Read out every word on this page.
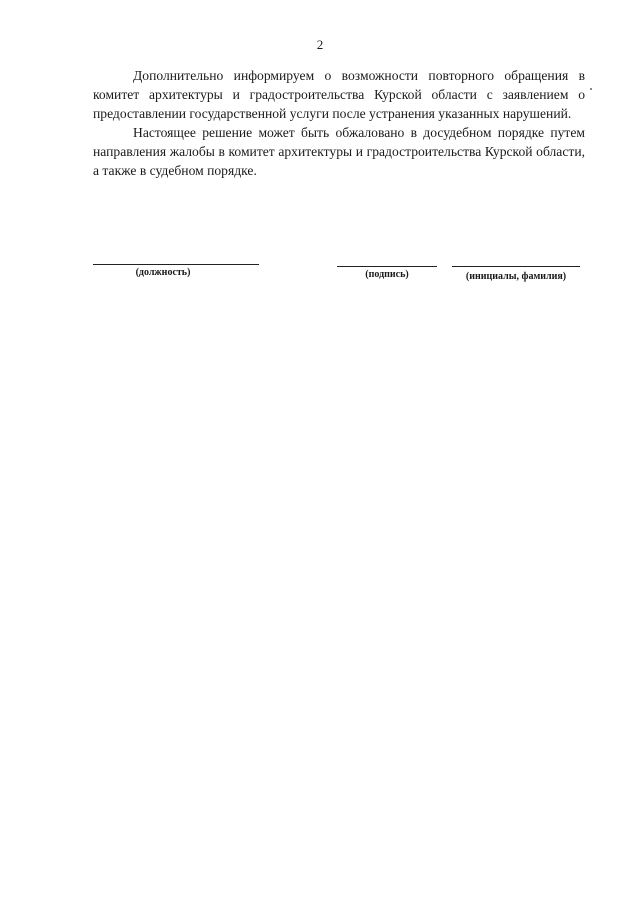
2

Дополнительно информируем о возможности повторного обращения в комитет архитектуры и градостроительства Курской области с заявлением о предоставлении государственной услуги после устранения указанных нарушений.

Настоящее решение может быть обжаловано в досудебном порядке путем направления жалобы в комитет архитектуры и градостроительства Курской области, а также в судебном порядке.

(должность)	(подпись)	(инициалы, фамилия)
